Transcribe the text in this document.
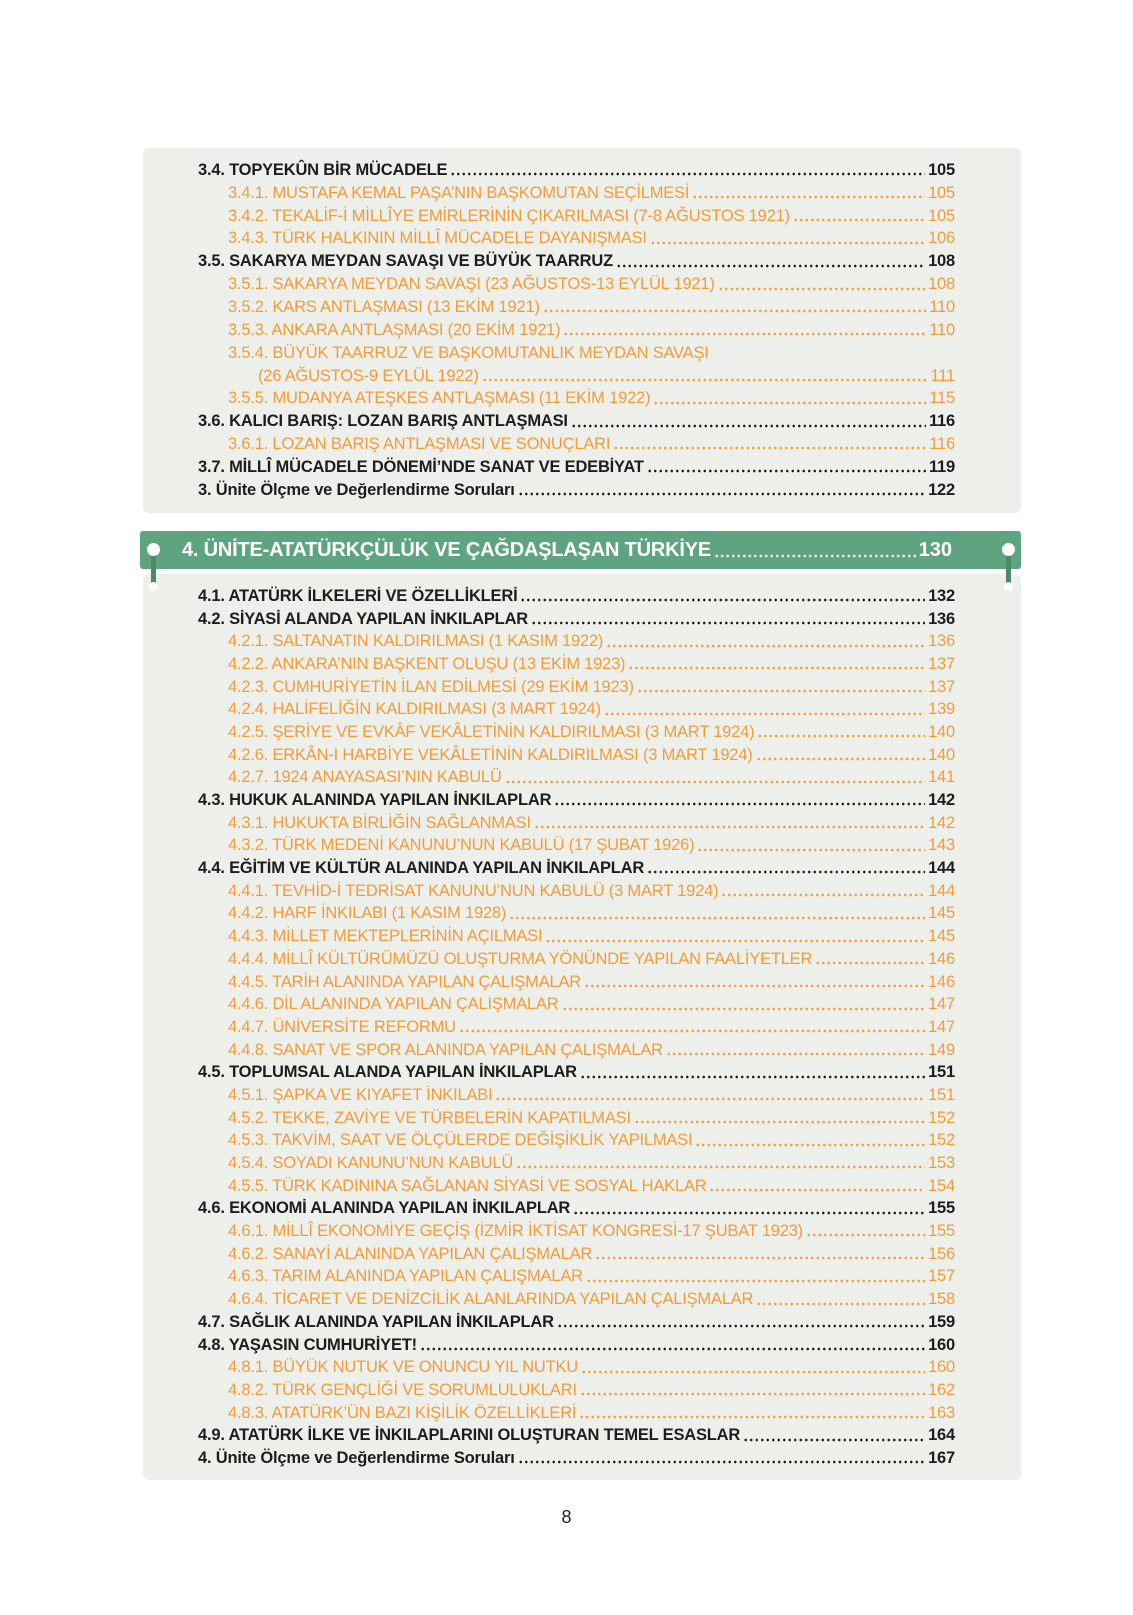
3.4. TOPYEKÛN BİR MÜCADELE	105
3.4.1. MUSTAFA KEMAL PAŞA’NIN BAŞKOMUTAN SEÇİLMESİ	105
3.4.2. TEKALİF-İ MİLLÎYE EMİRLERİNİN ÇIKARILMASI (7-8 AĞUSTOS 1921)	105
3.4.3. TÜRK HALKININ MİLLÎ MÜCADELE DAYANIŞMASI	106
3.5. SAKARYA MEYDAN SAVAŞI VE BÜYÜK TAARRUZ	108
3.5.1. SAKARYA MEYDAN SAVAŞI (23 AĞUSTOS-13 EYLÜL 1921)	108
3.5.2. KARS ANTLAŞMASI (13 EKİM 1921)	110
3.5.3. ANKARA ANTLAŞMASI (20 EKİM 1921)	110
3.5.4. BÜYÜK TAARRUZ VE BAŞKOMUTANLIK MEYDAN SAVAŞI
(26 AĞUSTOS-9 EYLÜL 1922)	111
3.5.5. MUDANYA ATEŞKES ANTLAŞMASI (11 EKİM 1922)	115
3.6. KALICI BARIŞ: LOZAN BARIŞ ANTLAŞMASI	116
3.6.1. LOZAN BARIŞ ANTLAŞMASI VE SONUÇLARI	116
3.7. MİLLÎ MÜCADELE DÖNEMİ’NDE SANAT VE EDEBİYAT	119
3. Ünite Ölçme ve Değerlendirme Soruları	122
4. ÜNİTE-ATATÜRKÇÜLÜK VE ÇAĞDAŞLAŞAN TÜRKİYE	130
4.1. ATATÜRK İLKELERİ VE ÖZELLİKLERİ	132
4.2. SİYASİ ALANDA YAPILAN İNKILAPLAR	136
4.2.1. SALTANATIN KALDIRILMASI (1 KASIM 1922)	136
4.2.2. ANKARA’NIN BAŞKENT OLUŞU (13 EKİM 1923)	137
4.2.3. CUMHURİYETİN İLAN EDİLMESİ (29 EKİM 1923)	137
4.2.4. HALİFELİĞİN KALDIRILMASI (3 MART 1924)	139
4.2.5. ŞERİYE VE EVKÂF VEKÂLETİNİN KALDIRILMASI (3 MART 1924)	140
4.2.6. ERKÂN-I HARBİYE VEKÂLETİNİN KALDIRILMASI (3 MART 1924)	140
4.2.7. 1924 ANAYASASI’NIN KABULÜ	141
4.3. HUKUK ALANINDA YAPILAN İNKILAPLAR	142
4.3.1. HUKUKTA BİRLİĞİN SAĞLANMASI	142
4.3.2. TÜRK MEDENİ KANUNU’NUN KABULÜ (17 ŞUBAT 1926)	143
4.4. EĞİTİM VE KÜLTÜR ALANINDA YAPILAN İNKILAPLAR	144
4.4.1. TEVHİD-İ TEDRİSAT KANUNU’NUN KABULÜ (3 MART 1924)	144
4.4.2. HARF İNKILABI (1 KASIM 1928)	145
4.4.3. MİLLET MEKTEPLERİNİN AÇILMASI	145
4.4.4. MİLLÎ KÜLTÜRÜMÜZÜ OLUŞTURMA YÖNÜNDE YAPILAN FAALİYETLER	146
4.4.5. TARİH ALANINDA YAPILAN ÇALIŞMALAR	146
4.4.6. DİL ALANINDA YAPILAN ÇALIŞMALAR	147
4.4.7. ÜNİVERSİTE REFORMU	147
4.4.8. SANAT VE SPOR ALANINDA YAPILAN ÇALIŞMALAR	149
4.5. TOPLUMSAL ALANDA YAPILAN İNKILAPLAR	151
4.5.1. ŞAPKA VE KIYAFET İNKILABI	151
4.5.2. TEKKE, ZAVİYE VE TÜRBELERİN KAPATILMASI	152
4.5.3. TAKVİM, SAAT VE ÖLÇÜLERDE DEĞİŞİKLİK YAPILMASI	152
4.5.4. SOYADI KANUNU’NUN KABULÜ	153
4.5.5. TÜRK KADININA SAĞLANAN SİYASİ VE SOSYAL HAKLAR	154
4.6. EKONOMİ ALANINDA YAPILAN İNKILAPLAR	155
4.6.1. MİLLÎ EKONOMİYE GEÇİŞ (İZMİR İKTİSAT KONGRESİ-17 ŞUBAT 1923)	155
4.6.2. SANAYİ ALANINDA YAPILAN ÇALIŞMALAR	156
4.6.3. TARIM ALANINDA YAPILAN ÇALIŞMALAR	157
4.6.4. TİCARET VE DENİZCİLİK ALANLARINDA YAPILAN ÇALIŞMALAR	158
4.7. SAĞLIK ALANINDA YAPILAN İNKILAPLAR	159
4.8. YAŞASIN CUMHURİYET!	160
4.8.1. BÜYÜK NUTUK VE ONUNCU YIL NUTKU	160
4.8.2. TÜRK GENÇLİĞİ VE SORUMLULUKLARI	162
4.8.3. ATATÜRK’ÜN BAZI KİŞİLİK ÖZELLİKLERİ	163
4.9. ATATÜRK İLKE VE İNKILAPLARINI OLUŞTURAN TEMEL ESASLAR	164
4. Ünite Ölçme ve Değerlendirme Soruları	167
8
